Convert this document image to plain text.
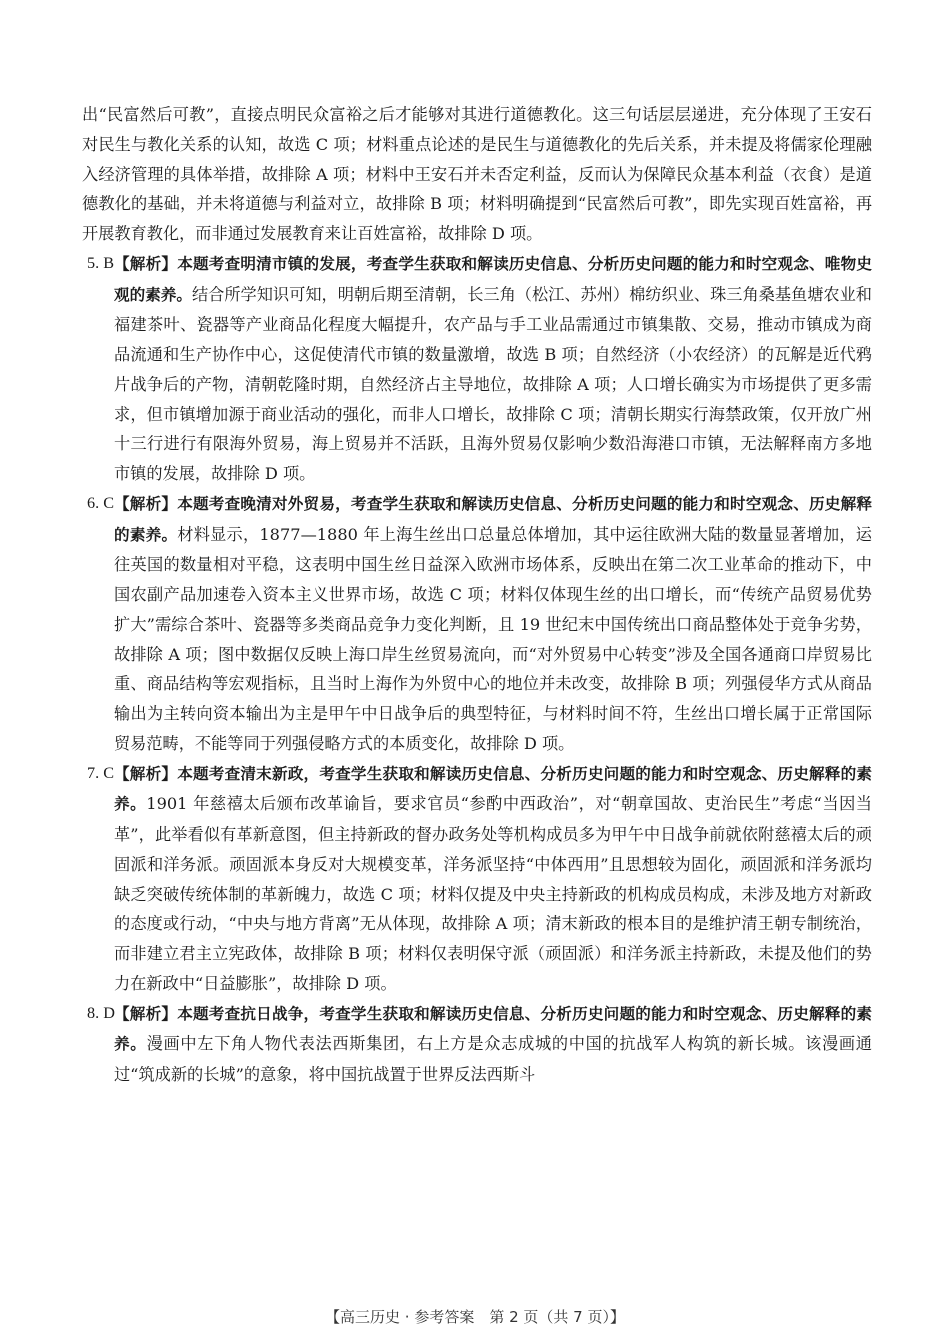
出“民富然后可教”，直接点明民众富裕之后才能够对其进行道德教化。这三句话层层递进，充分体现了王安石对民生与教化关系的认知，故选 C 项；材料重点论述的是民生与道德教化的先后关系，并未提及将儒家伦理融入经济管理的具体举措，故排除 A 项；材料中王安石并未否定利益，反而认为保障民众基本利益（衣食）是道德教化的基础，并未将道德与利益对立，故排除 B 项；材料明确提到“民富然后可教”，即先实现百姓富裕，再开展教育教化，而非通过发展教育来让百姓富裕，故排除 D 项。

5. B 【解析】本题考查明清市镇的发展，考查学生获取和解读历史信息、分析历史问题的能力和时空观念、唯物史观的素养。结合所学知识可知，明朝后期至清朝，长三角（松江、苏州）棉纺织业、珠三角桑基鱼塘农业和福建茶叶、瓷器等产业商品化程度大幅提升，农产品与手工业品需通过市镇集散、交易，推动市镇成为商品流通和生产协作中心，这促使清代市镇的数量激增，故选 B 项；自然经济（小农经济）的瓦解是近代鸦片战争后的产物，清朝乾隆时期，自然经济占主导地位，故排除 A 项；人口增长确实为市场提供了更多需求，但市镇增加源于商业活动的强化，而非人口增长，故排除 C 项；清朝长期实行海禁政策，仅开放广州十三行进行有限海外贸易，海上贸易并不活跃，且海外贸易仅影响少数沿海港口市镇，无法解释南方多地市镇的发展，故排除 D 项。
6. C 【解析】本题考查晚清对外贸易，考查学生获取和解读历史信息、分析历史问题的能力和时空观念、历史解释的素养。材料显示，1877—1880 年上海生丝出口总量总体增加，其中运往欧洲大陆的数量显著增加，运往英国的数量相对平稳，这表明中国生丝日益深入欧洲市场体系，反映出在第二次工业革命的推动下，中国农副产品加速卷入资本主义世界市场，故选 C 项；材料仅体现生丝的出口增长，而“传统产品贸易优势扩大”需综合茶叶、瓷器等多类商品竞争力变化判断，且 19 世纪末中国传统出口商品整体处于竞争劣势，故排除 A 项；图中数据仅反映上海口岸生丝贸易流向，而“对外贸易中心转变”涉及全国各通商口岸贸易比重、商品结构等宏观指标，且当时上海作为外贸中心的地位并未改变，故排除 B 项；列强侵华方式从商品输出为主转向资本输出为主是甲午中日战争后的典型特征，与材料时间不符，生丝出口增长属于正常国际贸易范畴，不能等同于列强侵略方式的本质变化，故排除 D 项。
7. C 【解析】本题考查清末新政，考查学生获取和解读历史信息、分析历史问题的能力和时空观念、历史解释的素养。1901 年慈禧太后颁布改革谕旨，要求官员“参酌中西政治”，对“朝章国故、吏治民生”考虑“当因当革”，此举看似有革新意图，但主持新政的督办政务处等机构成员多为甲午中日战争前就依附慈禧太后的顽固派和洋务派。顽固派本身反对大规模变革，洋务派坚持“中体西用”且思想较为固化，顽固派和洋务派均缺乏突破传统体制的革新魄力，故选 C 项；材料仅提及中央主持新政的机构成员构成，未涉及地方对新政的态度或行动，“中央与地方背离”无从体现，故排除 A 项；清末新政的根本目的是维护清王朝专制统治，而非建立君主立宪政体，故排除 B 项；材料仅表明保守派（顽固派）和洋务派主持新政，未提及他们的势力在新政中“日益膨胀”，故排除 D 项。
8. D 【解析】本题考查抗日战争，考查学生获取和解读历史信息、分析历史问题的能力和时空观念、历史解释的素养。漫画中左下角人物代表法西斯集团，右上方是众志成城的中国的抗战军人构筑的新长城。该漫画通过“筑成新的长城”的意象，将中国抗战置于世界反法西斯斗
【高三历史 · 参考答案　第 2 页（共 7 页）】
